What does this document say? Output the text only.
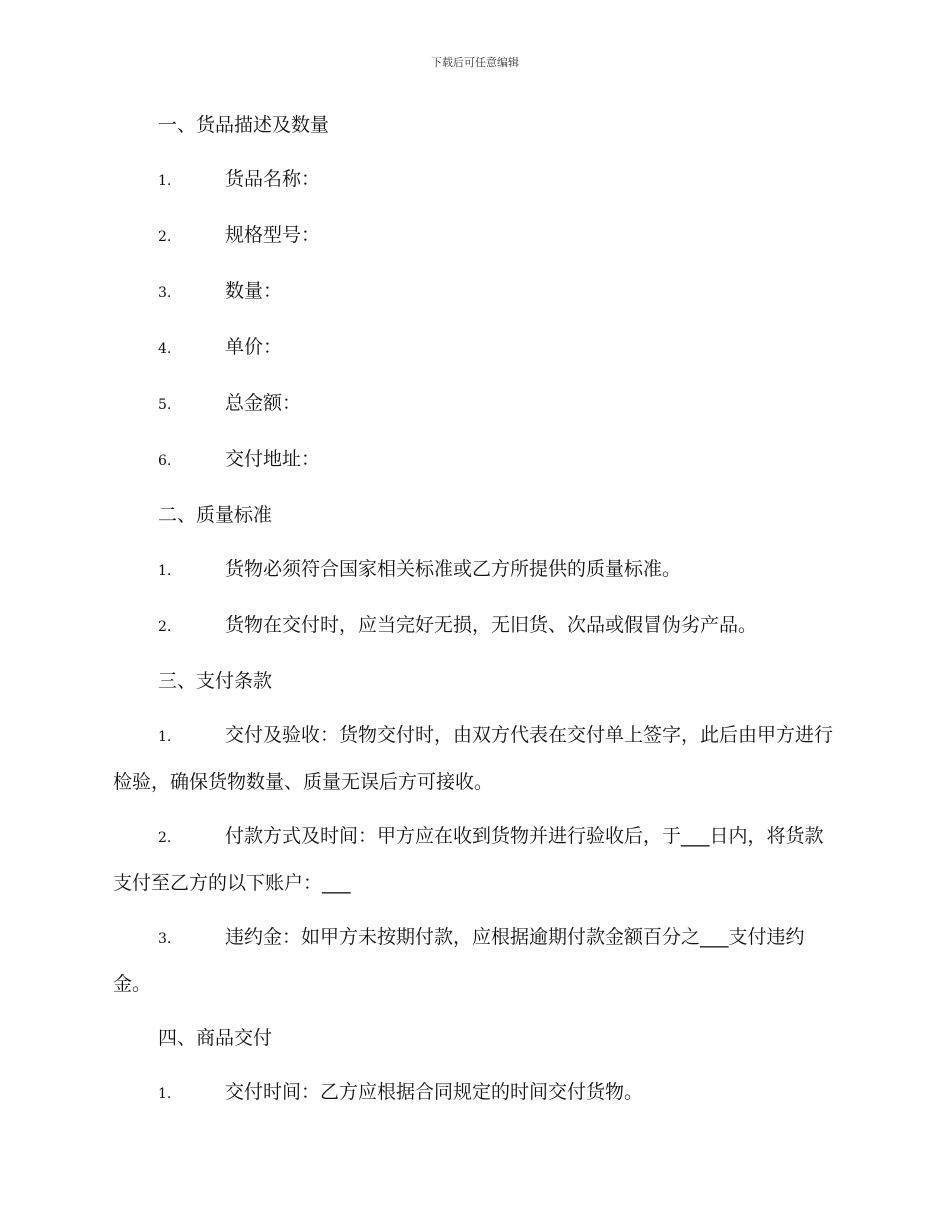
下载后可任意编辑
一、货品描述及数量
1.	货品名称：
2.	规格型号：
3.	数量：
4.	单价：
5.	总金额：
6.	交付地址：
二、质量标准
1.	货物必须符合国家相关标准或乙方所提供的质量标准。
2.	货物在交付时，应当完好无损，无旧货、次品或假冒伪劣产品。
三、支付条款
1.	交付及验收：货物交付时，由双方代表在交付单上签字，此后由甲方进行检验，确保货物数量、质量无误后方可接收。
2.	付款方式及时间：甲方应在收到货物并进行验收后，于___日内，将货款支付至乙方的以下账户：___
3.	违约金：如甲方未按期付款，应根据逾期付款金额百分之___支付违约金。
四、商品交付
1.	交付时间：乙方应根据合同规定的时间交付货物。
